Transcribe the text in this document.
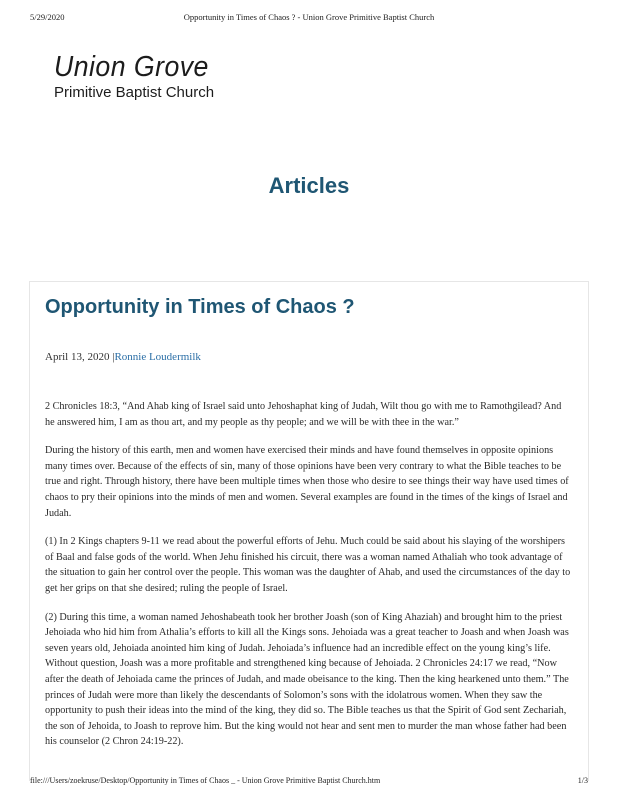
5/29/2020	Opportunity in Times of Chaos ? - Union Grove Primitive Baptist Church
Union Grove
Primitive Baptist Church
Articles
Opportunity in Times of Chaos ?
April 13, 2020 |Ronnie Loudermilk

2 Chronicles 18:3, “And Ahab king of Israel said unto Jehoshaphat king of Judah, Wilt thou go with me to Ramothgilead? And he answered him, I am as thou art, and my people as thy people; and we will be with thee in the war.”

During the history of this earth, men and women have exercised their minds and have found themselves in opposite opinions many times over. Because of the effects of sin, many of those opinions have been very contrary to what the Bible teaches to be true and right. Through history, there have been multiple times when those who desire to see things their way have used times of chaos to pry their opinions into the minds of men and women. Several examples are found in the times of the kings of Israel and Judah.

(1) In 2 Kings chapters 9-11 we read about the powerful efforts of Jehu. Much could be said about his slaying of the worshipers of Baal and false gods of the world. When Jehu finished his circuit, there was a woman named Athaliah who took advantage of the situation to gain her control over the people. This woman was the daughter of Ahab, and used the circumstances of the day to get her grips on that she desired; ruling the people of Israel.

(2) During this time, a woman named Jehoshabeath took her brother Joash (son of King Ahaziah) and brought him to the priest Jehoiada who hid him from Athalia’s efforts to kill all the Kings sons. Jehoiada was a great teacher to Joash and when Joash was seven years old, Jehoiada anointed him king of Judah. Jehoiada’s influence had an incredible effect on the young king’s life. Without question, Joash was a more profitable and strengthened king because of Jehoiada. 2 Chronicles 24:17 we read, “Now after the death of Jehoiada came the princes of Judah, and made obeisance to the king. Then the king hearkened unto them.” The princes of Judah were more than likely the descendants of Solomon’s sons with the idolatrous women. When they saw the opportunity to push their ideas into the mind of the king, they did so. The Bible teaches us that the Spirit of God sent Zechariah, the son of Jehoida, to Joash to reprove him. But the king would not hear and sent men to murder the man whose father had been his counselor (2 Chron 24:19-22).

file:///Users/zoekruse/Desktop/Opportunity in Times of Chaos _ - Union Grove Primitive Baptist Church.htm	1/3
